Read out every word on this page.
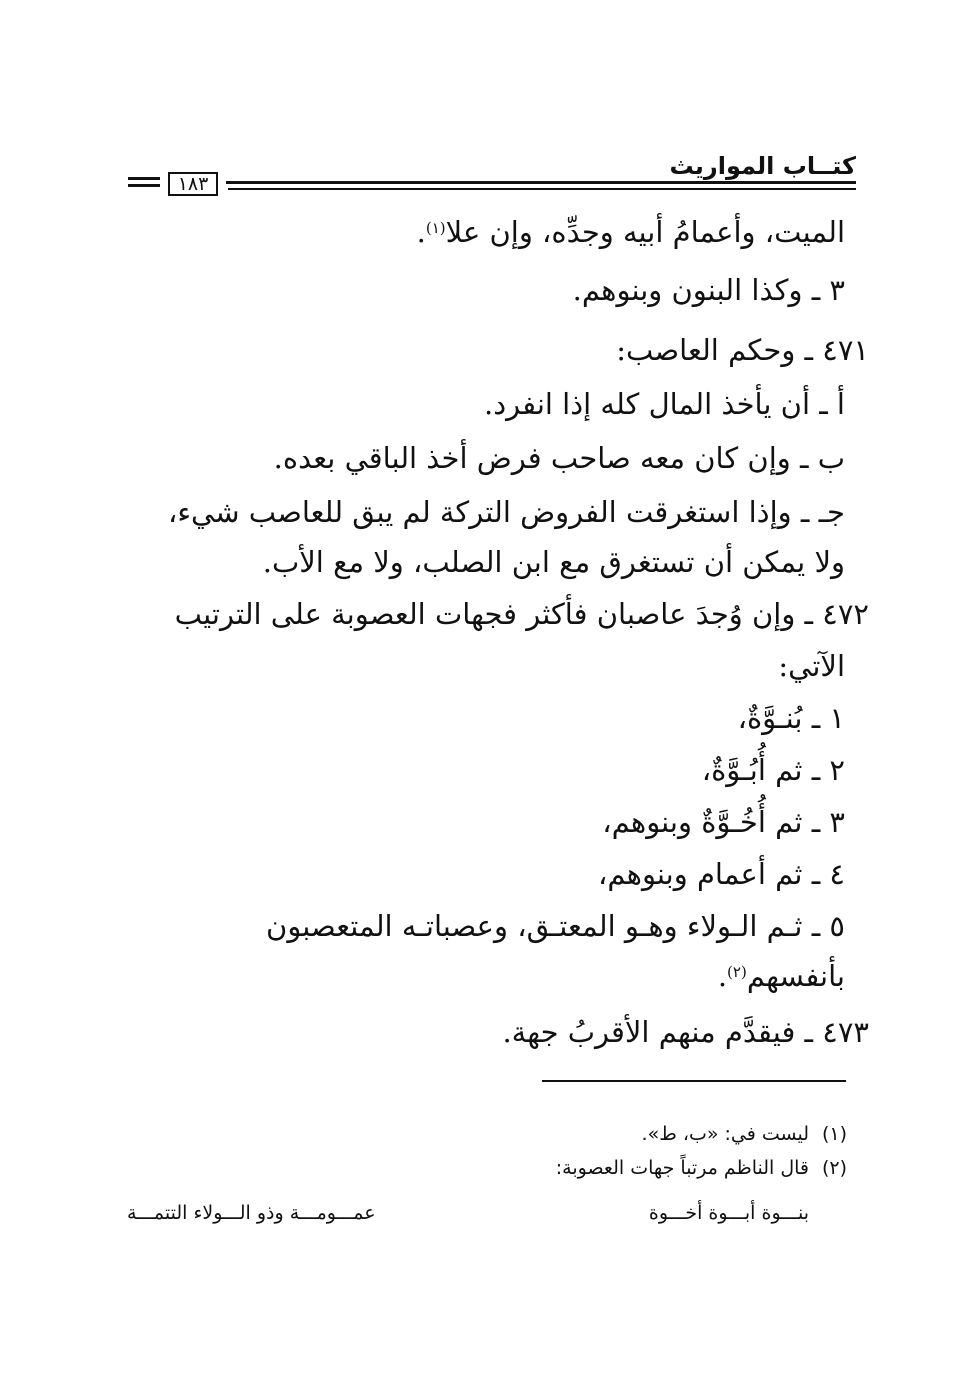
كتــاب المواريث
١٨٣
الميت، وأعمامُ أبيه وجدِّه، وإن علا$^{(١)}$.
٣ ـ وكذا البنون وبنوهم.
٤٧١ ـ وحكم العاصب:
أ ـ أن يأخذ المال كله إذا انفرد.
ب ـ وإن كان معه صاحب فرض أخذ الباقي بعده.
جـ ـ وإذا استغرقت الفروض التركة لم يبق للعاصب شيء،
ولا يمكن أن تستغرق مع ابن الصلب، ولا مع الأب.
٤٧٢ ـ وإن وُجدَ عاصبان فأكثر فجهات العصوبة على الترتيب
الآتي:
١ ـ بُنـوَّةٌ،
٢ ـ ثم أُبُـوَّةٌ،
٣ ـ ثم أُخُـوَّةٌ وبنوهم،
٤ ـ ثم أعمام وبنوهم،
٥ ـ ثـم الـولاء وهـو المعتـق، وعصباتـه المتعصبون
بأنفسهم$^{(٢)}$.
٤٧٣ ـ فيقدَّم منهم الأقربُ جهة.
(١)ليست في: «ب، ط».
(٢)قال الناظم مرتباً جهات العصوبة:
بنـــوة أبـــوة أخـــوة
عمـــومـــة وذو الـــولاء التتمـــة
